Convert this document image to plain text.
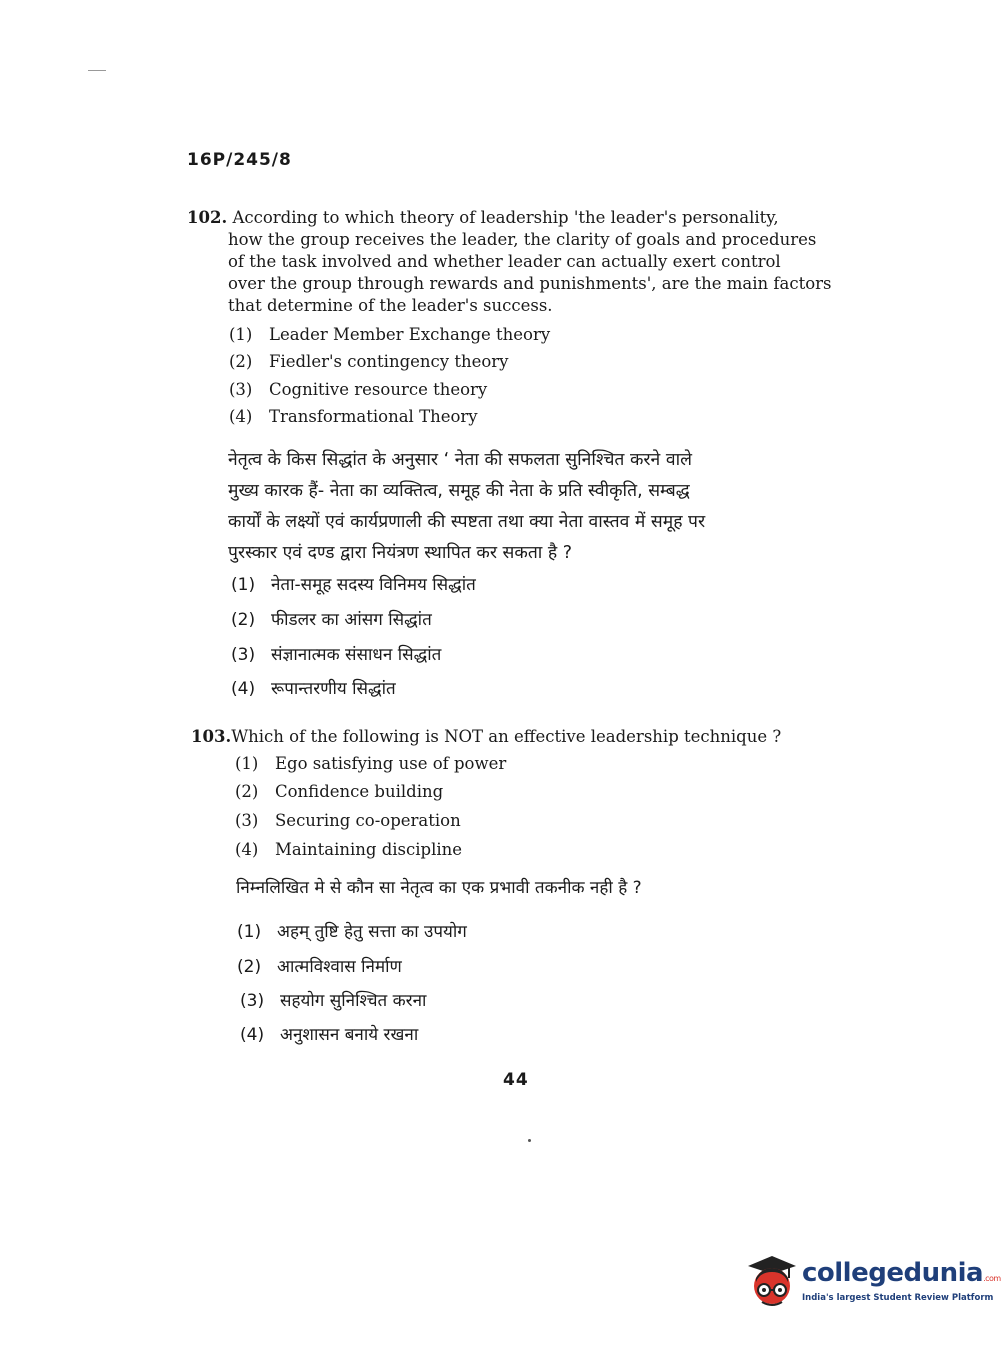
16P/245/8
102. According to which theory of leadership 'the leader's personality,
how the group receives the leader, the clarity of goals and procedures
of the task involved and whether leader can actually exert control
over the group through rewards and punishments', are the main factors
that determine of the leader's success.
(1) Leader Member Exchange theory
(2) Fiedler's contingency theory
(3) Cognitive resource theory
(4) Transformational Theory
नेतृत्व के किस सिद्धांत के अनुसार ‘ नेता की सफलता सुनिश्चित करने वाले
मुख्य कारक हैं- नेता का व्यक्तित्व, समूह की नेता के प्रति स्वीकृति, सम्बद्ध
कार्यों के लक्ष्यों एवं कार्यप्रणाली की स्पष्टता तथा क्या नेता वास्तव में समूह पर
पुरस्कार एवं दण्ड द्वारा नियंत्रण स्थापित कर सकता है ?
(1) नेता-समूह सदस्य विनिमय सिद्धांत
(2) फीडलर का आंसग सिद्धांत
(3) संज्ञानात्मक संसाधन सिद्धांत
(4) रूपान्तरणीय सिद्धांत
103.Which of the following is NOT an effective leadership technique ?
(1) Ego satisfying use of power
(2) Confidence building
(3) Securing co-operation
(4) Maintaining discipline
निम्नलिखित मे से कौन सा नेतृत्व का एक प्रभावी तकनीक नही है ?
(1) अहम् तुष्टि हेतु सत्ता का उपयोग
(2) आत्मविश्वास निर्माण
(3) सहयोग सुनिश्चित करना
(4) अनुशासन बनाये रखना
44
collegedunia.com
India's largest Student Review Platform
